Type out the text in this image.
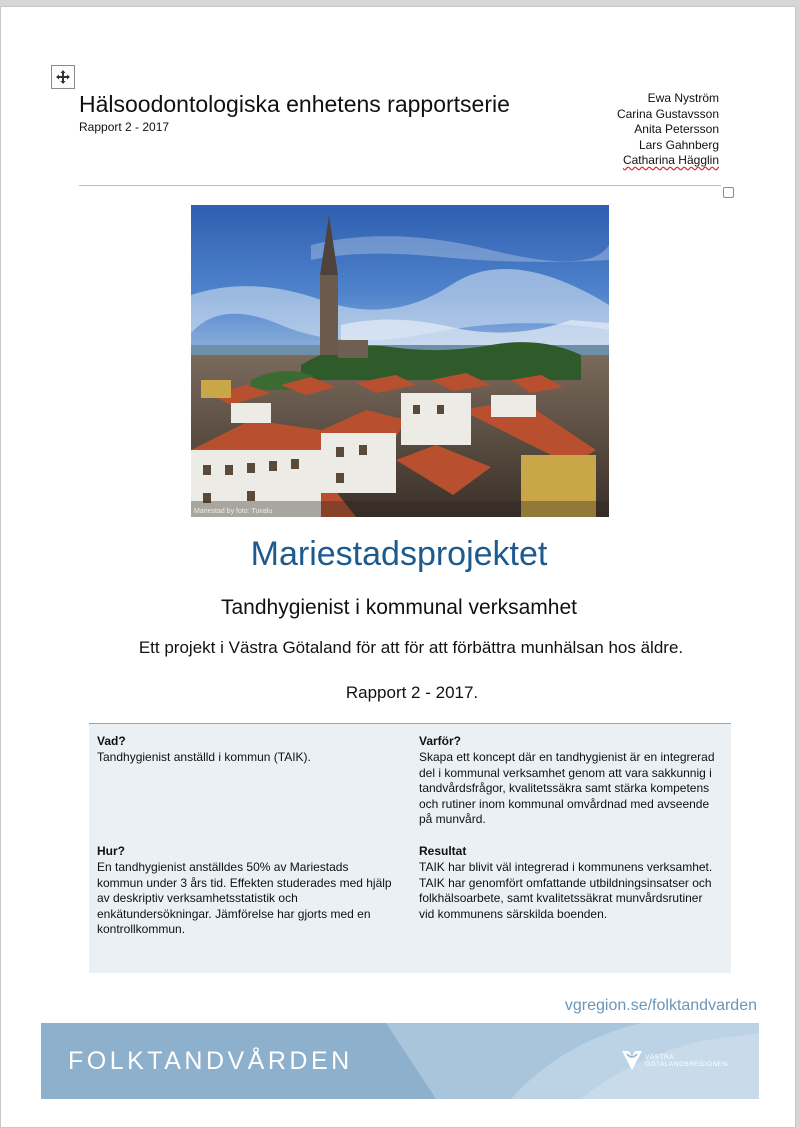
Hälsoodontologiska enhetens rapportserie
Rapport 2 - 2017
Ewa Nyström
Carina Gustavsson
Anita Petersson
Lars Gahnberg
Catharina Hägglin
Mariestad by foto: Tuvalu
Mariestadsprojektet
Tandhygienist i kommunal verksamhet
Ett projekt i Västra Götaland för att för att förbättra munhälsan hos äldre.
Rapport 2 - 2017.
Vad?

Tandhygienist anställd i kommun (TAIK).

Varför?

Skapa ett koncept där en tandhygienist är en integrerad del i kommunal verksamhet genom att vara sakkunnig i tandvårdsfrågor, kvalitetssäkra samt stärka kompetens och rutiner inom kommunal omvårdnad med avseende på munvård.

Hur?

En tandhygienist anställdes 50% av Mariestads kommun under 3 års tid. Effekten studerades med hjälp av deskriptiv verksamhetsstatistik och enkätundersökningar. Jämförelse har gjorts med en kontrollkommun.

Resultat

TAIK har blivit väl integrerad i kommunens verksamhet. TAIK har genomfört omfattande utbildningsinsatser och folkhälsoarbete, samt kvalitetssäkrat munvårdsrutiner vid kommunens särskilda boenden.

vgregion.se/folktandvarden
FOLKTANDVÅRDEN	VÄSTRA
GÖTALANDSREGIONEN
